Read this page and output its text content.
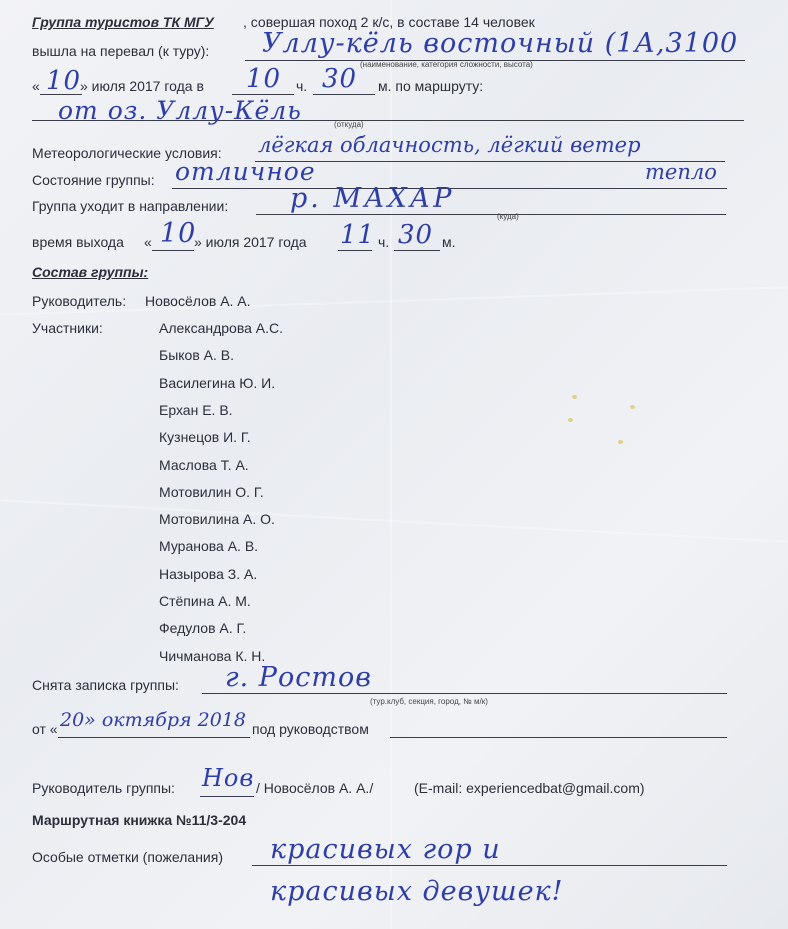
Группа туристов ТК МГУ , совершая поход 2 к/с, в составе 14 человек
вышла на перевал (к туру): Уллу-кёль восточный (1А,3100
(наименование, категория сложности, высота)
« 10
» июля 2017 года в 10 ч. 30 м. по маршруту:
от оз. Уллу-Кёль	(откуда)
Метеорологические условия: лёгкая облачность, лёгкий ветер
Состояние группы: отличное	тепло
Группа уходит в направлении: р. МАХАР
(куда)
время выхода « 10
» июля 2017 года 11 ч. 30 м.
Состав группы:
Руководитель: Новосёлов А. А.
Участники:	Александрова А.С.
Быков А. В.
Василегина Ю. И.
Ерхан Е. В.
Кузнецов И. Г.
Маслова Т. А.
Мотовилин О. Г.
Мотовилина А. О.
Муранова А. В.
Назырова З. А.
Стёпина А. М.
Федулов А. Г.
Чичманова К. Н.
Снята записка группы: г. Ростов
(тур.клуб, секция, город, № м/к)
от « 20» октября 2018 под руководством
Руководитель группы: Нов / Новосёлов А. А./	(E-mail: experiencedbat@gmail.com)
Маршрутная книжка №11/3-204
Особые отметки (пожелания) красивых гор и
красивых девушек!
